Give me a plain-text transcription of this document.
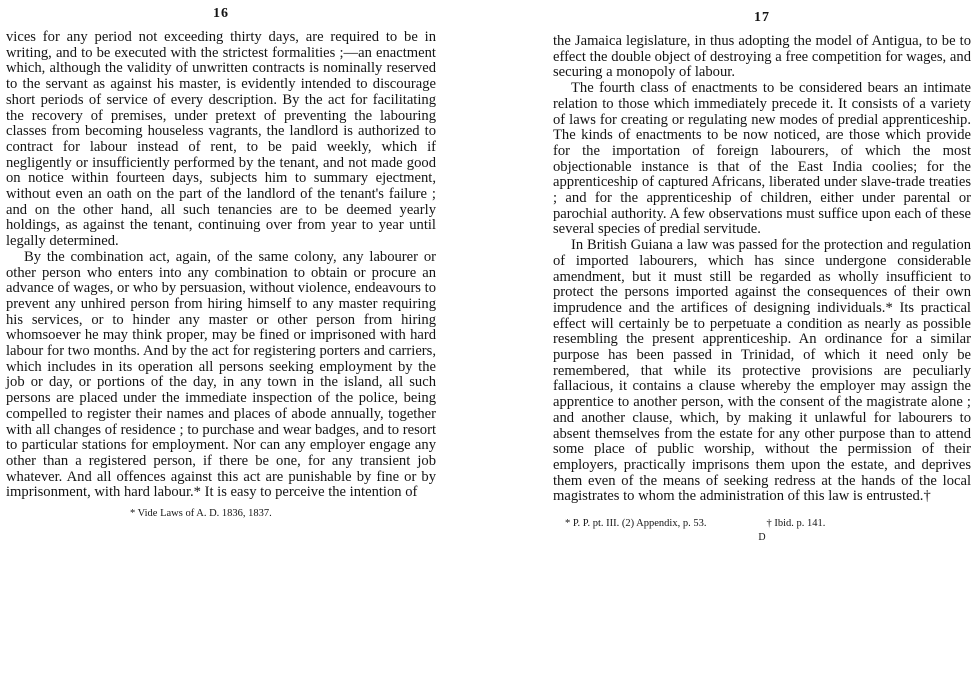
16

vices for any period not exceeding thirty days, are required to be in writing, and to be executed with the strictest formalities ;—an enactment which, although the validity of unwritten contracts is nominally reserved to the servant as against his master, is evidently intended to discourage short periods of service of every description. By the act for facilitating the recovery of premises, under pretext of preventing the labouring classes from becoming houseless vagrants, the landlord is authorized to contract for labour instead of rent, to be paid weekly, which if negligently or insufficiently performed by the tenant, and not made good on notice within fourteen days, subjects him to summary ejectment, without even an oath on the part of the landlord of the tenant's failure ; and on the other hand, all such tenancies are to be deemed yearly holdings, as against the tenant, continuing over from year to year until legally determined.

By the combination act, again, of the same colony, any labourer or other person who enters into any combination to obtain or procure an advance of wages, or who by persuasion, without violence, endeavours to prevent any unhired person from hiring himself to any master requiring his services, or to hinder any master or other person from hiring whomsoever he may think proper, may be fined or imprisoned with hard labour for two months. And by the act for registering porters and carriers, which includes in its operation all persons seeking employment by the job or day, or portions of the day, in any town in the island, all such persons are placed under the immediate inspection of the police, being compelled to register their names and places of abode annually, together with all changes of residence ; to purchase and wear badges, and to resort to particular stations for employment. Nor can any employer engage any other than a registered person, if there be one, for any transient job whatever. And all offences against this act are punishable by fine or by imprisonment, with hard labour.* It is easy to perceive the intention of

* Vide Laws of A. D. 1836, 1837.
17

the Jamaica legislature, in thus adopting the model of Antigua, to be to effect the double object of destroying a free competition for wages, and securing a monopoly of labour.

The fourth class of enactments to be considered bears an intimate relation to those which immediately precede it. It consists of a variety of laws for creating or regulating new modes of predial apprenticeship. The kinds of enactments to be now noticed, are those which provide for the importation of foreign labourers, of which the most objectionable instance is that of the East India coolies; for the apprenticeship of captured Africans, liberated under slave-trade treaties ; and for the apprenticeship of children, either under parental or parochial authority. A few observations must suffice upon each of these several species of predial servitude.

In British Guiana a law was passed for the protection and regulation of imported labourers, which has since undergone considerable amendment, but it must still be regarded as wholly insufficient to protect the persons imported against the consequences of their own imprudence and the artifices of designing individuals.* Its practical effect will certainly be to perpetuate a condition as nearly as possible resembling the present apprenticeship. An ordinance for a similar purpose has been passed in Trinidad, of which it need only be remembered, that while its protective provisions are peculiarly fallacious, it contains a clause whereby the employer may assign the apprentice to another person, with the consent of the magistrate alone ; and another clause, which, by making it unlawful for labourers to absent themselves from the estate for any other purpose than to attend some place of public worship, without the permission of their employers, practically imprisons them upon the estate, and deprives them even of the means of seeking redress at the hands of the local magistrates to whom the administration of this law is entrusted.†

* P. P. pt. III. (2) Appendix, p. 53.	† Ibid. p. 141.
D
